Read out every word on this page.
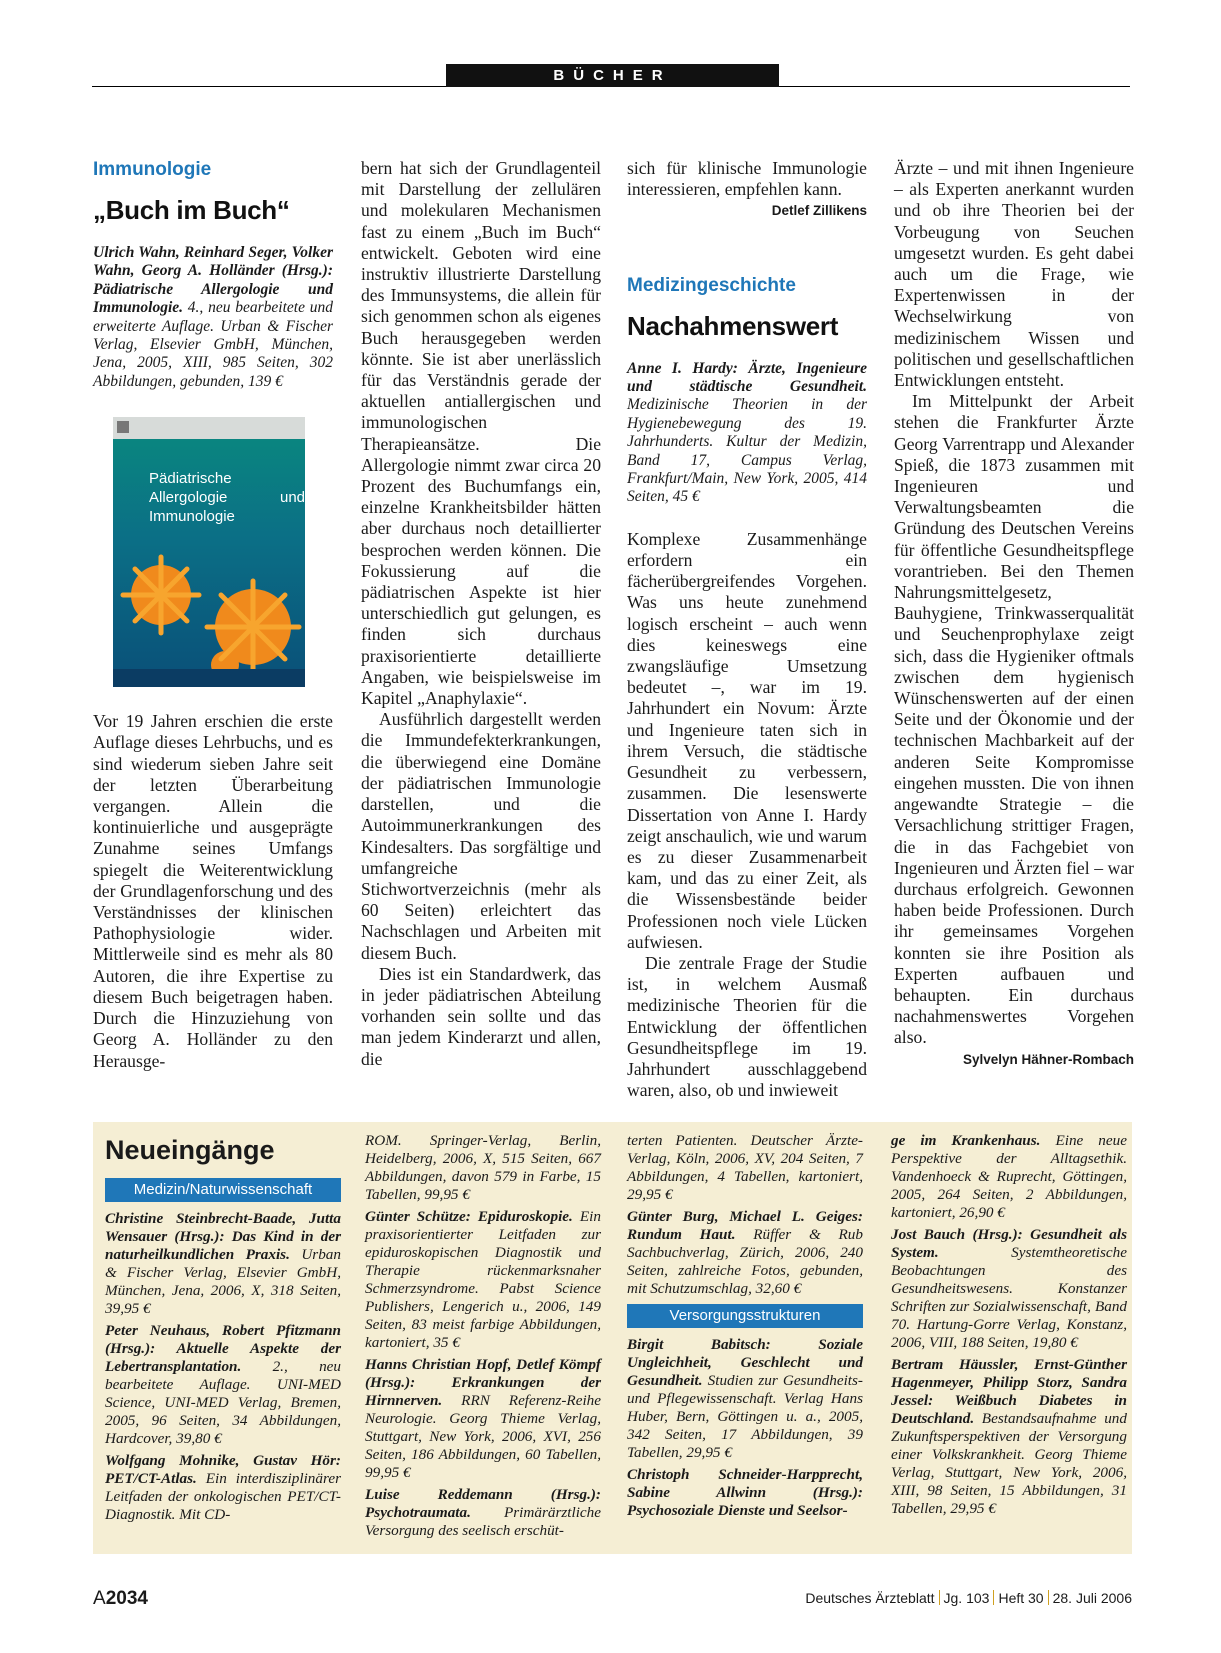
BÜCHER
Immunologie
„Buch im Buch“
Ulrich Wahn, Reinhard Seger, Volker Wahn, Georg A. Holländer (Hrsg.): Pädiatrische Allergologie und Immunologie. 4., neu bearbeitete und erweiterte Auflage. Urban & Fischer Verlag, Elsevier GmbH, München, Jena, 2005, XIII, 985 Seiten, 302 Abbildungen, gebunden, 139 €
Pädiatrische Allergologie und Immunologie

Vor 19 Jahren erschien die erste Auflage dieses Lehrbuchs, und es sind wiederum sieben Jahre seit der letzten Überarbeitung vergangen. Allein die kontinuierliche und ausgeprägte Zunahme seines Umfangs spiegelt die Weiterentwicklung der Grundlagenforschung und des Verständnisses der klinischen Pathophysiologie wider. Mittlerweile sind es mehr als 80 Autoren, die ihre Expertise zu diesem Buch beigetragen haben. Durch die Hinzuziehung von Georg A. Holländer zu den Herausge-

bern hat sich der Grundlagenteil mit Darstellung der zellulären und molekularen Mechanismen fast zu einem „Buch im Buch“ entwickelt. Geboten wird eine instruktiv illustrierte Darstellung des Immunsystems, die allein für sich genommen schon als eigenes Buch herausgegeben werden könnte. Sie ist aber unerlässlich für das Verständnis gerade der aktuellen antiallergischen und immunologischen Therapieansätze. Die Allergologie nimmt zwar circa 20 Prozent des Buchumfangs ein, einzelne Krankheitsbilder hätten aber durchaus noch detaillierter besprochen werden können. Die Fokussierung auf die pädiatrischen Aspekte ist hier unterschiedlich gut gelungen, es finden sich durchaus praxisorientierte detaillierte Angaben, wie beispielsweise im Kapitel „Anaphylaxie“.

Ausführlich dargestellt werden die Immundefekterkrankungen, die überwiegend eine Domäne der pädiatrischen Immunologie darstellen, und die Autoimmunerkrankungen des Kindesalters. Das sorgfältige und umfangreiche Stichwortverzeichnis (mehr als 60 Seiten) erleichtert das Nachschlagen und Arbeiten mit diesem Buch.

Dies ist ein Standardwerk, das in jeder pädiatrischen Abteilung vorhanden sein sollte und das man jedem Kinderarzt und allen, die

sich für klinische Immunologie interessieren, empfehlen kann.

Detlef Zillikens
Medizingeschichte
Nachahmenswert
Anne I. Hardy: Ärzte, Ingenieure und städtische Gesundheit. Medizinische Theorien in der Hygienebewegung des 19. Jahrhunderts. Kultur der Medizin, Band 17, Campus Verlag, Frankfurt/Main, New York, 2005, 414 Seiten, 45 €

Komplexe Zusammenhänge erfordern ein fächerübergreifendes Vorgehen. Was uns heute zunehmend logisch erscheint – auch wenn dies keineswegs eine zwangsläufige Umsetzung bedeutet –, war im 19. Jahrhundert ein Novum: Ärzte und Ingenieure taten sich in ihrem Versuch, die städtische Gesundheit zu verbessern, zusammen. Die lesenswerte Dissertation von Anne I. Hardy zeigt anschaulich, wie und warum es zu dieser Zusammenarbeit kam, und das zu einer Zeit, als die Wissensbestände beider Professionen noch viele Lücken aufwiesen.

Die zentrale Frage der Studie ist, in welchem Ausmaß medizinische Theorien für die Entwicklung der öffentlichen Gesundheitspflege im 19. Jahrhundert ausschlaggebend waren, also, ob und inwieweit

Ärzte – und mit ihnen Ingenieure – als Experten anerkannt wurden und ob ihre Theorien bei der Vorbeugung von Seuchen umgesetzt wurden. Es geht dabei auch um die Frage, wie Expertenwissen in der Wechselwirkung von medizinischem Wissen und politischen und gesellschaftlichen Entwicklungen entsteht.

Im Mittelpunkt der Arbeit stehen die Frankfurter Ärzte Georg Varrentrapp und Alexander Spieß, die 1873 zusammen mit Ingenieuren und Verwaltungsbeamten die Gründung des Deutschen Vereins für öffentliche Gesundheitspflege vorantrieben. Bei den Themen Nahrungsmittelgesetz, Bauhygiene, Trinkwasserqualität und Seuchenprophylaxe zeigt sich, dass die Hygieniker oftmals zwischen dem hygienisch Wünschenswerten auf der einen Seite und der Ökonomie und der technischen Machbarkeit auf der anderen Seite Kompromisse eingehen mussten. Die von ihnen angewandte Strategie – die Versachlichung strittiger Fragen, die in das Fachgebiet von Ingenieuren und Ärzten fiel – war durchaus erfolgreich. Gewonnen haben beide Professionen. Durch ihr gemeinsames Vorgehen konnten sie ihre Position als Experten aufbauen und behaupten. Ein durchaus nachahmenswertes Vorgehen also.

Sylvelyn Hähner-Rombach
Neueingänge
Medizin/Naturwissenschaft

Christine Steinbrecht-Baade, Jutta Wensauer (Hrsg.): Das Kind in der naturheilkundlichen Praxis. Urban & Fischer Verlag, Elsevier GmbH, München, Jena, 2006, X, 318 Seiten, 39,95 €

Peter Neuhaus, Robert Pfitzmann (Hrsg.): Aktuelle Aspekte der Lebertransplantation. 2., neu bearbeitete Auflage. UNI-MED Science, UNI-MED Verlag, Bremen, 2005, 96 Seiten, 34 Abbildungen, Hardcover, 39,80 €

Wolfgang Mohnike, Gustav Hör: PET/CT-Atlas. Ein interdisziplinärer Leitfaden der onkologischen PET/CT-Diagnostik. Mit CD-

ROM. Springer-Verlag, Berlin, Heidelberg, 2006, X, 515 Seiten, 667 Abbildungen, davon 579 in Farbe, 15 Tabellen, 99,95 €

Günter Schütze: Epiduroskopie. Ein praxisorientierter Leitfaden zur epiduroskopischen Diagnostik und Therapie rückenmarksnaher Schmerzsyndrome. Pabst Science Publishers, Lengerich u., 2006, 149 Seiten, 83 meist farbige Abbildungen, kartoniert, 35 €

Hanns Christian Hopf, Detlef Kömpf (Hrsg.): Erkrankungen der Hirnnerven. RRN Referenz-Reihe Neurologie. Georg Thieme Verlag, Stuttgart, New York, 2006, XVI, 256 Seiten, 186 Abbildungen, 60 Tabellen, 99,95 €

Luise Reddemann (Hrsg.): Psychotraumata. Primärärztliche Versorgung des seelisch erschüt-

terten Patienten. Deutscher Ärzte-Verlag, Köln, 2006, XV, 204 Seiten, 7 Abbildungen, 4 Tabellen, kartoniert, 29,95 €

Günter Burg, Michael L. Geiges: Rundum Haut. Rüffer & Rub Sachbuchverlag, Zürich, 2006, 240 Seiten, zahlreiche Fotos, gebunden, mit Schutzumschlag, 32,60 €

Versorgungsstrukturen

Birgit Babitsch: Soziale Ungleichheit, Geschlecht und Gesundheit. Studien zur Gesundheits- und Pflegewissenschaft. Verlag Hans Huber, Bern, Göttingen u. a., 2005, 342 Seiten, 17 Abbildungen, 39 Tabellen, 29,95 €

Christoph Schneider-Harpprecht, Sabine Allwinn (Hrsg.): Psychosoziale Dienste und Seelsor-

ge im Krankenhaus. Eine neue Perspektive der Alltagsethik. Vandenhoeck & Ruprecht, Göttingen, 2005, 264 Seiten, 2 Abbildungen, kartoniert, 26,90 €

Jost Bauch (Hrsg.): Gesundheit als System. Systemtheoretische Beobachtungen des Gesundheitswesens. Konstanzer Schriften zur Sozialwissenschaft, Band 70. Hartung-Gorre Verlag, Konstanz, 2006, VIII, 188 Seiten, 19,80 €

Bertram Häussler, Ernst-Günther Hagenmeyer, Philipp Storz, Sandra Jessel: Weißbuch Diabetes in Deutschland. Bestandsaufnahme und Zukunftsperspektiven der Versorgung einer Volkskrankheit. Georg Thieme Verlag, Stuttgart, New York, 2006, XIII, 98 Seiten, 15 Abbildungen, 31 Tabellen, 29,95 €

A2034	Deutsches Ärzteblatt Jg. 103 Heft 30 28. Juli 2006
